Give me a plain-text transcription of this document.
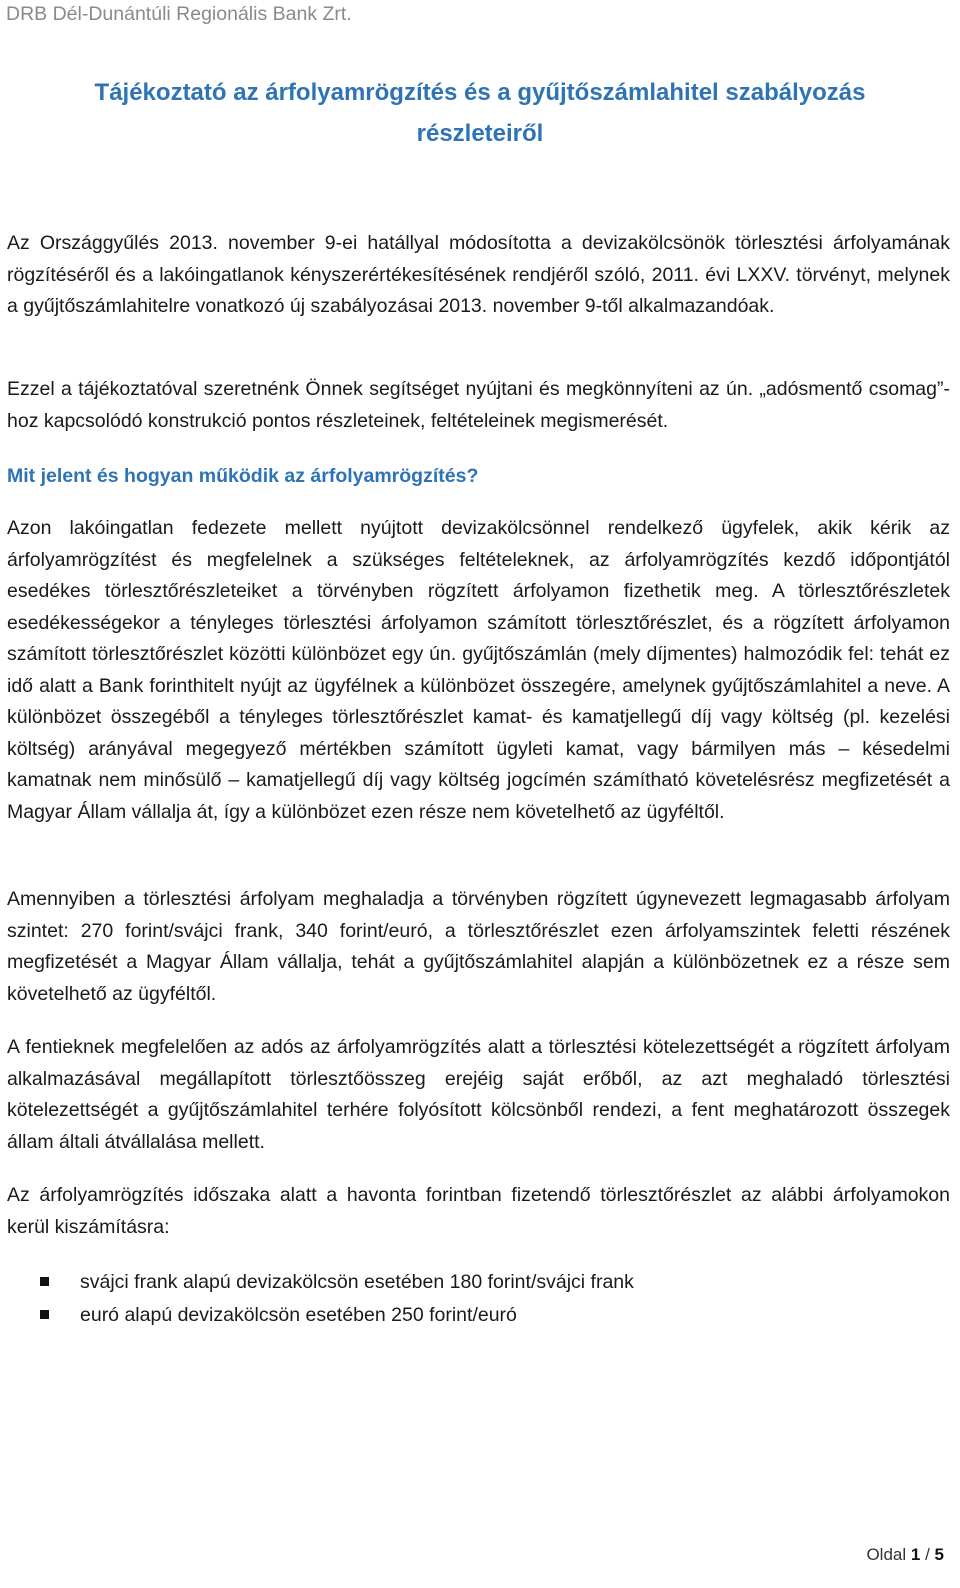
DRB Dél-Dunántúli Regionális Bank Zrt.
Tájékoztató az árfolyamrögzítés és a gyűjtőszámlahitel szabályozás
részleteiről

Az Országgyűlés 2013. november 9-ei hatállyal módosította a devizakölcsönök törlesztési árfolyamának rögzítéséről és a lakóingatlanok kényszerértékesítésének rendjéről szóló, 2011. évi LXXV. törvényt, melynek a gyűjtőszámlahitelre vonatkozó új szabályozásai 2013. november 9-től alkalmazandóak.

Ezzel a tájékoztatóval szeretnénk Önnek segítséget nyújtani és megkönnyíteni az ún. „adósmentő csomag”-hoz kapcsolódó konstrukció pontos részleteinek, feltételeinek megismerését.

Mit jelent és hogyan működik az árfolyamrögzítés?

Azon lakóingatlan fedezete mellett nyújtott devizakölcsönnel rendelkező ügyfelek, akik kérik az árfolyamrögzítést és megfelelnek a szükséges feltételeknek, az árfolyamrögzítés kezdő időpontjától esedékes törlesztőrészleteiket a törvényben rögzített árfolyamon fizethetik meg. A törlesztőrészletek esedékességekor a tényleges törlesztési árfolyamon számított törlesztőrészlet, és a rögzített árfolyamon számított törlesztőrészlet közötti különbözet egy ún. gyűjtőszámlán (mely díjmentes) halmozódik fel: tehát ez idő alatt a Bank forinthitelt nyújt az ügyfélnek a különbözet összegére, amelynek gyűjtőszámlahitel a neve. A különbözet összegéből a tényleges törlesztőrészlet kamat- és kamatjellegű díj vagy költség (pl. kezelési költség) arányával megegyező mértékben számított ügyleti kamat, vagy bármilyen más – késedelmi kamatnak nem minősülő – kamatjellegű díj vagy költség jogcímén számítható követelésrész megfizetését a Magyar Állam vállalja át, így a különbözet ezen része nem követelhető az ügyféltől.

Amennyiben a törlesztési árfolyam meghaladja a törvényben rögzített úgynevezett legmagasabb árfolyam szintet: 270 forint/svájci frank, 340 forint/euró, a törlesztőrészlet ezen árfolyamszintek feletti részének megfizetését a Magyar Állam vállalja, tehát a gyűjtőszámlahitel alapján a különbözetnek ez a része sem követelhető az ügyféltől.

A fentieknek megfelelően az adós az árfolyamrögzítés alatt a törlesztési kötelezettségét a rögzített árfolyam alkalmazásával megállapított törlesztőösszeg erejéig saját erőből, az azt meghaladó törlesztési kötelezettségét a gyűjtőszámlahitel terhére folyósított kölcsönből rendezi, a fent meghatározott összegek állam általi átvállalása mellett.

Az árfolyamrögzítés időszaka alatt a havonta forintban fizetendő törlesztőrészlet az alábbi árfolyamokon kerül kiszámításra:

svájci frank alapú devizakölcsön esetében 180 forint/svájci frank
euró alapú devizakölcsön esetében 250 forint/euró
Oldal 1 / 5
